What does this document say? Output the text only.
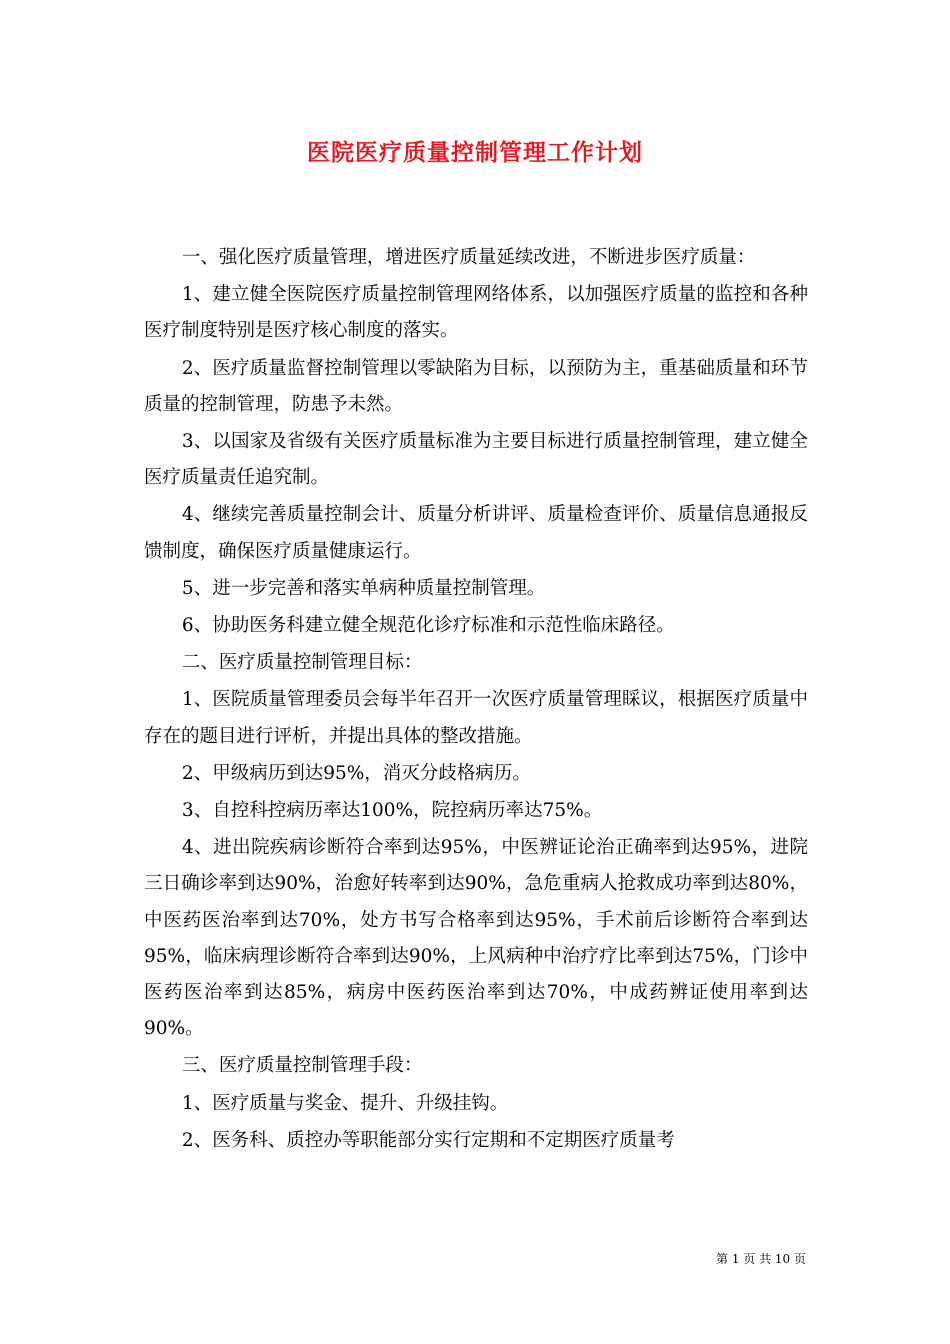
医院医疗质量控制管理工作计划

一、强化医疗质量管理，增进医疗质量延续改进，不断进步医疗质量：

1、建立健全医院医疗质量控制管理网络体系，以加强医疗质量的监控和各种医疗制度特别是医疗核心制度的落实。

2、医疗质量监督控制管理以零缺陷为目标，以预防为主，重基础质量和环节质量的控制管理，防患予未然。

3、以国家及省级有关医疗质量标准为主要目标进行质量控制管理，建立健全医疗质量责任追究制。

4、继续完善质量控制会计、质量分析讲评、质量检查评价、质量信息通报反馈制度，确保医疗质量健康运行。

5、进一步完善和落实单病种质量控制管理。

6、协助医务科建立健全规范化诊疗标准和示范性临床路径。

二、医疗质量控制管理目标：

1、医院质量管理委员会每半年召开一次医疗质量管理睬议，根据医疗质量中存在的题目进行评析，并提出具体的整改措施。

2、甲级病历到达95%，消灭分歧格病历。

3、自控科控病历率达100%，院控病历率达75%。

4、进出院疾病诊断符合率到达95%，中医辨证论治正确率到达95%，进院三日确诊率到达90%，治愈好转率到达90%，急危重病人抢救成功率到达80%，中医药医治率到达70%，处方书写合格率到达95%，手术前后诊断符合率到达95%，临床病理诊断符合率到达90%，上风病种中治疗疗比率到达75%，门诊中医药医治率到达85%，病房中医药医治率到达70%，中成药辨证使用率到达90%。

三、医疗质量控制管理手段：

1、医疗质量与奖金、提升、升级挂钩。

2、医务科、质控办等职能部分实行定期和不定期医疗质量考

第 1 页 共 10 页
